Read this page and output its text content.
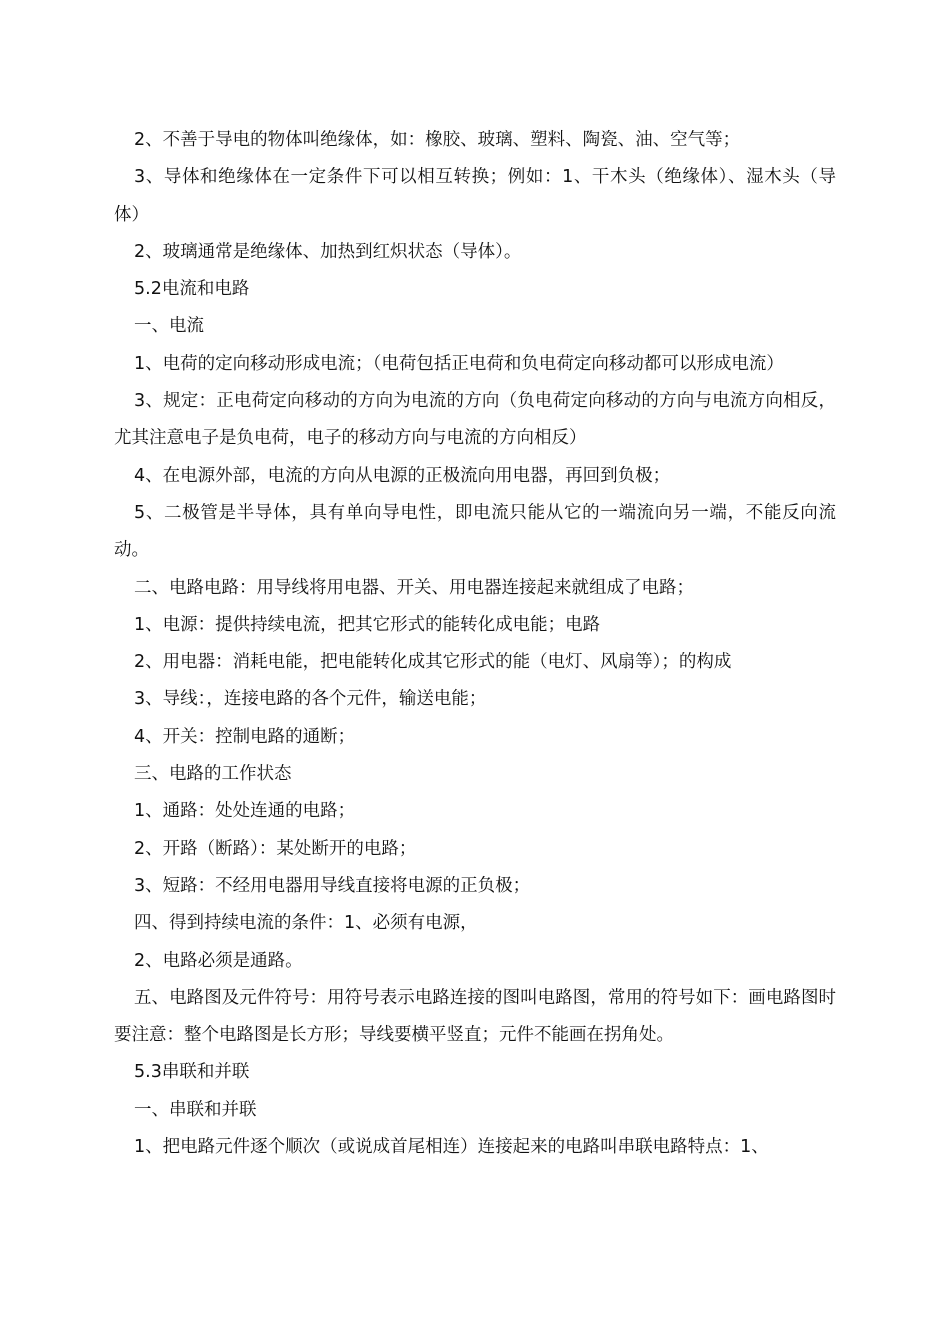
2、不善于导电的物体叫绝缘体，如：橡胶、玻璃、塑料、陶瓷、油、空气等；

3、导体和绝缘体在一定条件下可以相互转换；例如：1、干木头（绝缘体）、湿木头（导体）

2、玻璃通常是绝缘体、加热到红炽状态（导体）。

5.2电流和电路

一、电流

1、电荷的定向移动形成电流；（电荷包括正电荷和负电荷定向移动都可以形成电流）

3、规定：正电荷定向移动的方向为电流的方向（负电荷定向移动的方向与电流方向相反，尤其注意电子是负电荷，电子的移动方向与电流的方向相反）

4、在电源外部，电流的方向从电源的正极流向用电器，再回到负极；

5、二极管是半导体，具有单向导电性，即电流只能从它的一端流向另一端，不能反向流动。

二、电路电路：用导线将用电器、开关、用电器连接起来就组成了电路；

1、电源：提供持续电流，把其它形式的能转化成电能；电路

2、用电器：消耗电能，把电能转化成其它形式的能（电灯、风扇等）；的构成

3、导线：，连接电路的各个元件，输送电能；

4、开关：控制电路的通断；

三、电路的工作状态

1、通路：处处连通的电路；

2、开路（断路）：某处断开的电路；

3、短路：不经用电器用导线直接将电源的正负极；

四、得到持续电流的条件：1、必须有电源，

2、电路必须是通路。

五、电路图及元件符号：用符号表示电路连接的图叫电路图，常用的符号如下：画电路图时要注意：整个电路图是长方形；导线要横平竖直；元件不能画在拐角处。

5.3串联和并联

一、串联和并联

1、把电路元件逐个顺次（或说成首尾相连）连接起来的电路叫串联电路特点：1、
